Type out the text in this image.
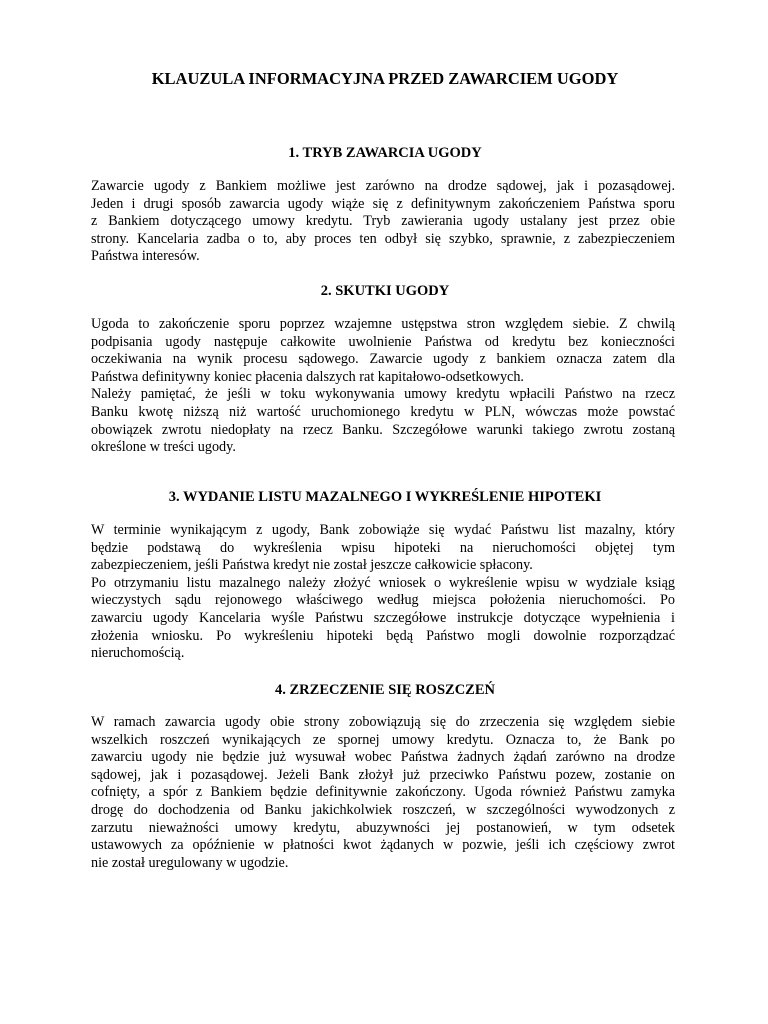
KLAUZULA INFORMACYJNA PRZED ZAWARCIEM UGODY
1. TRYB ZAWARCIA UGODY

Zawarcie ugody z Bankiem możliwe jest zarówno na drodze sądowej, jak i pozasądowej.
Jeden i drugi sposób zawarcia ugody wiąże się z definitywnym zakończeniem Państwa sporu
z Bankiem dotyczącego umowy kredytu. Tryb zawierania ugody ustalany jest przez obie
strony. Kancelaria zadba o to, aby proces ten odbył się szybko, sprawnie, z zabezpieczeniem
Państwa interesów.

2. SKUTKI UGODY

Ugoda to zakończenie sporu poprzez wzajemne ustępstwa stron względem siebie. Z chwilą
podpisania ugody następuje całkowite uwolnienie Państwa od kredytu bez konieczności
oczekiwania na wynik procesu sądowego. Zawarcie ugody z bankiem oznacza zatem dla
Państwa definitywny koniec płacenia dalszych rat kapitałowo-odsetkowych.

Należy pamiętać, że jeśli w toku wykonywania umowy kredytu wpłacili Państwo na rzecz
Banku kwotę niższą niż wartość uruchomionego kredytu w PLN, wówczas może powstać
obowiązek zwrotu niedopłaty na rzecz Banku. Szczegółowe warunki takiego zwrotu zostaną
określone w treści ugody.

3. WYDANIE LISTU MAZALNEGO I WYKREŚLENIE HIPOTEKI

W terminie wynikającym z ugody, Bank zobowiąże się wydać Państwu list mazalny, który
będzie podstawą do wykreślenia wpisu hipoteki na nieruchomości objętej tym
zabezpieczeniem, jeśli Państwa kredyt nie został jeszcze całkowicie spłacony.

Po otrzymaniu listu mazalnego należy złożyć wniosek o wykreślenie wpisu w wydziale ksiąg
wieczystych sądu rejonowego właściwego według miejsca położenia nieruchomości. Po
zawarciu ugody Kancelaria wyśle Państwu szczegółowe instrukcje dotyczące wypełnienia i
złożenia wniosku. Po wykreśleniu hipoteki będą Państwo mogli dowolnie rozporządzać
nieruchomością.

4. ZRZECZENIE SIĘ ROSZCZEŃ

W ramach zawarcia ugody obie strony zobowiązują się do zrzeczenia się względem siebie
wszelkich roszczeń wynikających ze spornej umowy kredytu. Oznacza to, że Bank po
zawarciu ugody nie będzie już wysuwał wobec Państwa żadnych żądań zarówno na drodze
sądowej, jak i pozasądowej. Jeżeli Bank złożył już przeciwko Państwu pozew, zostanie on
cofnięty, a spór z Bankiem będzie definitywnie zakończony. Ugoda również Państwu zamyka
drogę do dochodzenia od Banku jakichkolwiek roszczeń, w szczególności wywodzonych z
zarzutu nieważności umowy kredytu, abuzywności jej postanowień, w tym odsetek
ustawowych za opóźnienie w płatności kwot żądanych w pozwie, jeśli ich częściowy zwrot
nie został uregulowany w ugodzie.
